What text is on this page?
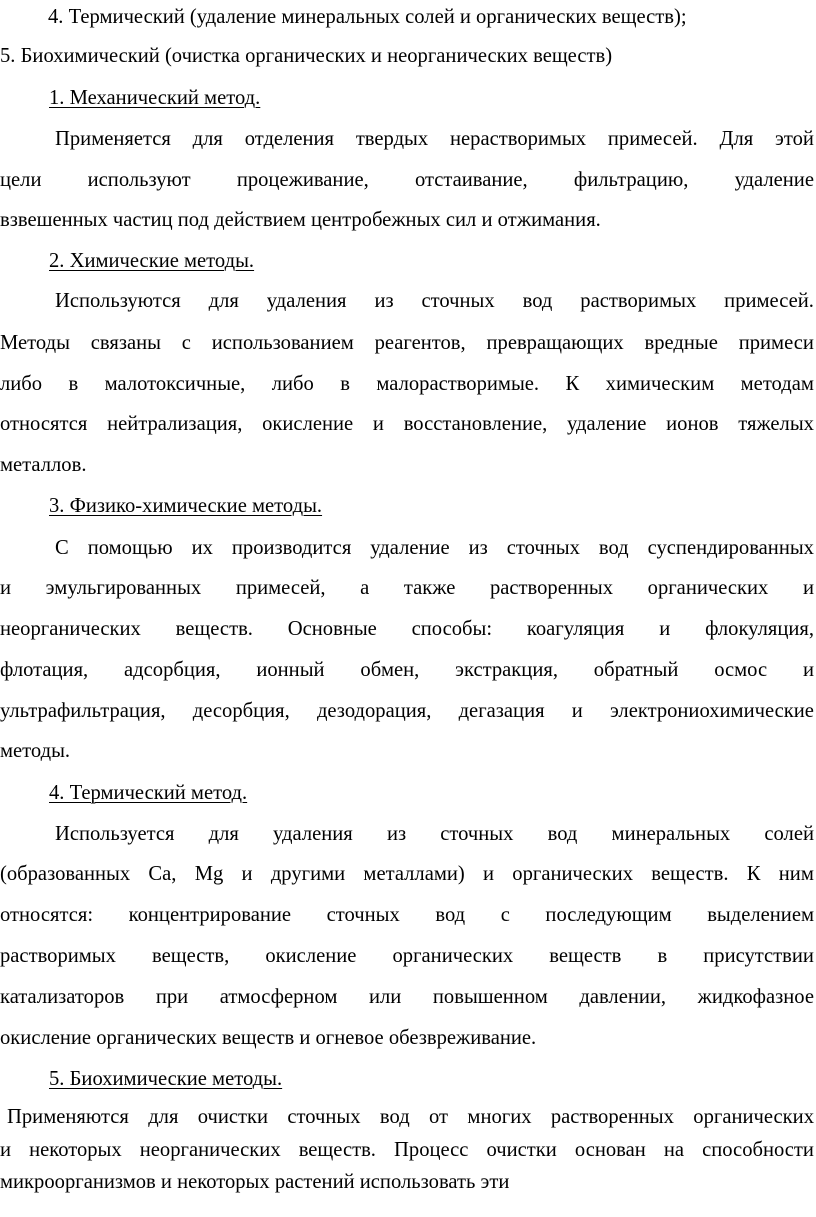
4. Термический (удаление минеральных солей и органических веществ);
5. Биохимический (очистка органических и неорганических веществ)
1. Механический метод.
Применяется для отделения твердых нерастворимых примесей. Для этой
цели используют процеживание, отстаивание, фильтрацию, удаление
взвешенных частиц под действием центробежных сил и отжимания.
2. Химические методы.
Используются для удаления из сточных вод растворимых примесей.
Методы связаны с использованием реагентов, превращающих вредные примеси
либо в малотоксичные, либо в малорастворимые. К химическим методам
относятся нейтрализация, окисление и восстановление, удаление ионов тяжелых
металлов.
3. Физико-химические методы.
С помощью их производится удаление из сточных вод суспендированных
и эмульгированных примесей, а также растворенных органических и
неорганических веществ. Основные способы: коагуляция и флокуляция,
флотация, адсорбция, ионный обмен, экстракция, обратный осмос и
ультрафильтрация, десорбция, дезодорация, дегазация и электрониохимические
методы.
4. Термический метод.
Используется для удаления из сточных вод минеральных солей
(образованных Ca, Mg и другими металлами) и органических веществ. К ним
относятся: концентрирование сточных вод с последующим выделением
растворимых веществ, окисление органических веществ в присутствии
катализаторов при атмосферном или повышенном давлении, жидкофазное
окисление органических веществ и огневое обезвреживание.
5. Биохимические методы.
Применяются для очистки сточных вод от многих растворенных органических
и некоторых неорганических веществ. Процесс очистки основан на способности
микроорганизмов и некоторых растений использовать эти
